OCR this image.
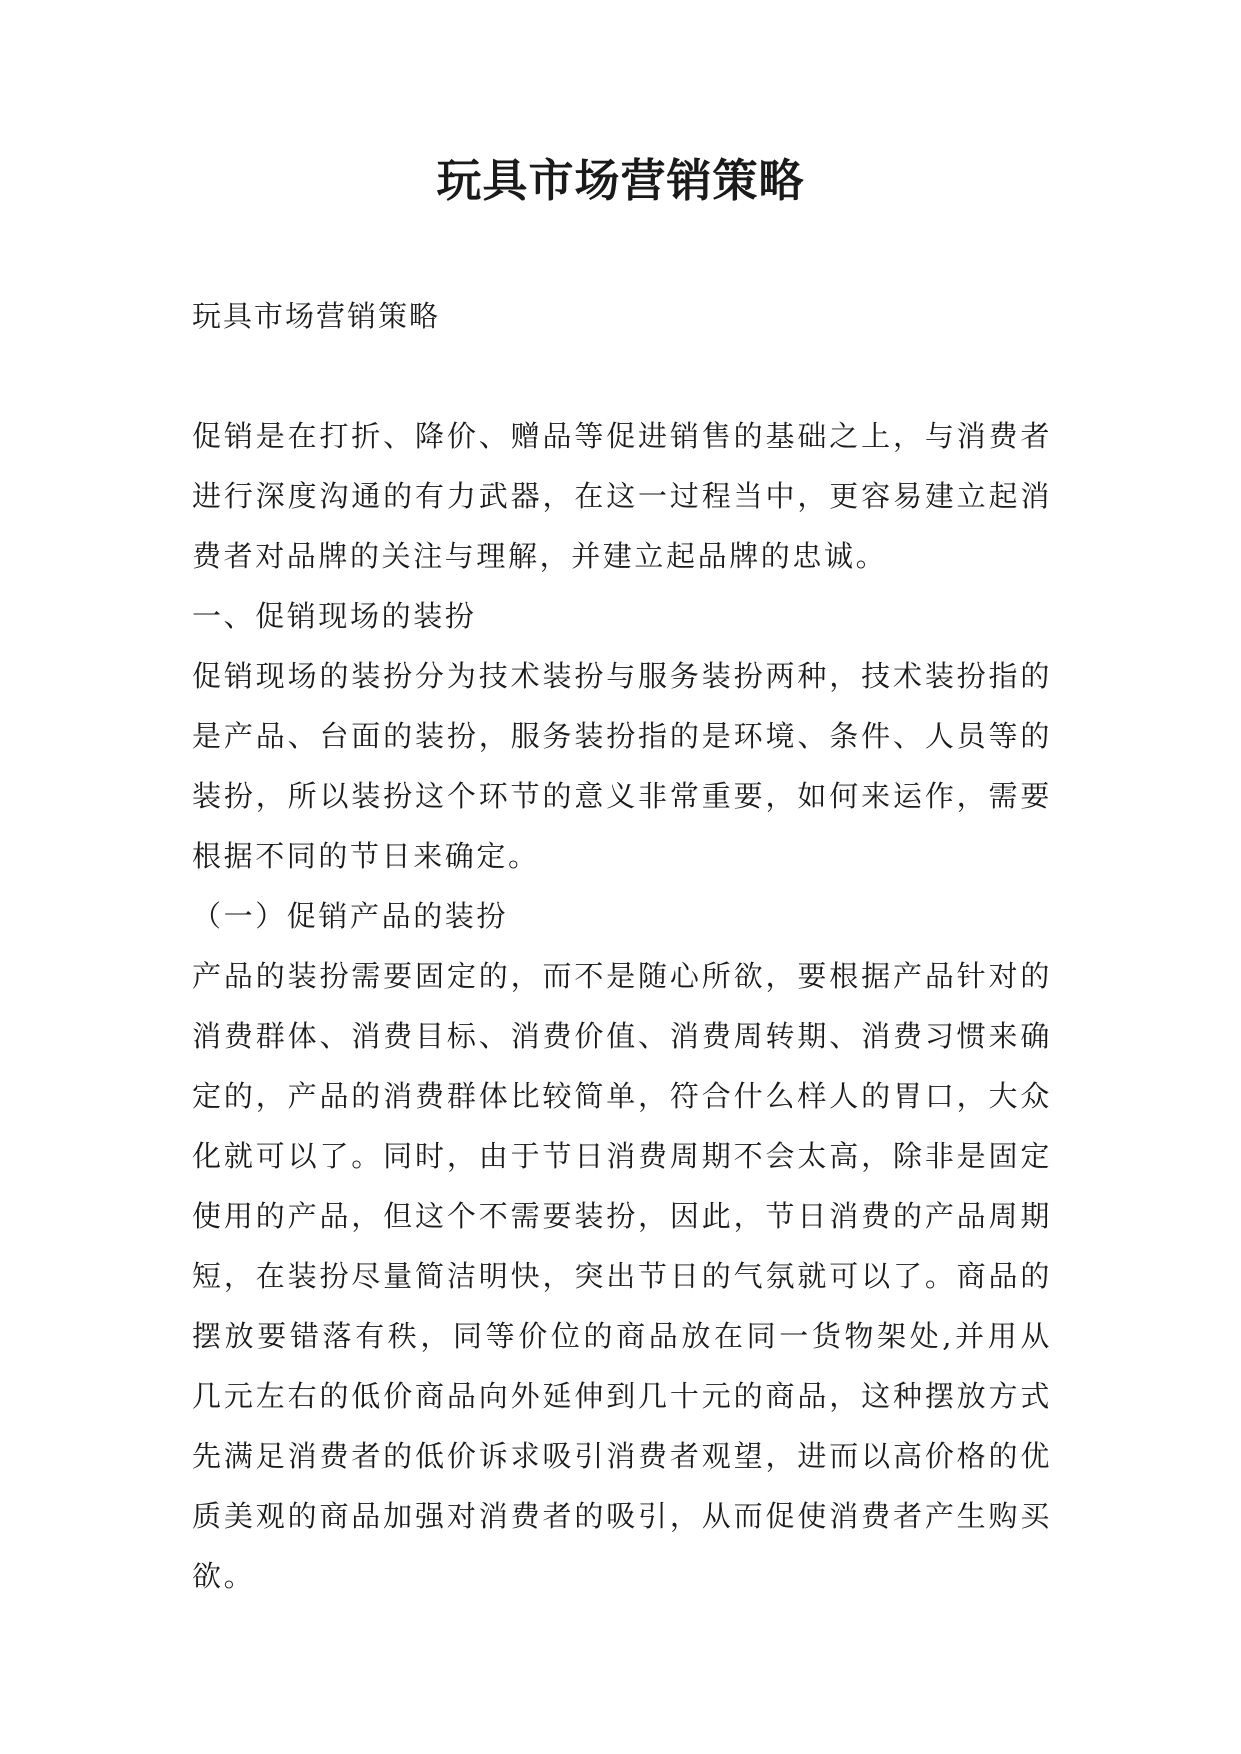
玩具市场营销策略

玩具市场营销策略

促销是在打折、降价、赠品等促进销售的基础之上，与消费者进行深度沟通的有力武器，在这一过程当中，更容易建立起消费者对品牌的关注与理解，并建立起品牌的忠诚。

一、促销现场的装扮

促销现场的装扮分为技术装扮与服务装扮两种，技术装扮指的是产品、台面的装扮，服务装扮指的是环境、条件、人员等的装扮，所以装扮这个环节的意义非常重要，如何来运作，需要根据不同的节日来确定。

（一）促销产品的装扮

产品的装扮需要固定的，而不是随心所欲，要根据产品针对的消费群体、消费目标、消费价值、消费周转期、消费习惯来确定的，产品的消费群体比较简单，符合什么样人的胃口，大众化就可以了。同时，由于节日消费周期不会太高，除非是固定使用的产品，但这个不需要装扮，因此，节日消费的产品周期短，在装扮尽量简洁明快，突出节日的气氛就可以了。商品的摆放要错落有秩，同等价位的商品放在同一货物架处,并用从几元左右的低价商品向外延伸到几十元的商品，这种摆放方式先满足消费者的低价诉求吸引消费者观望，进而以高价格的优质美观的商品加强对消费者的吸引，从而促使消费者产生购买欲。
